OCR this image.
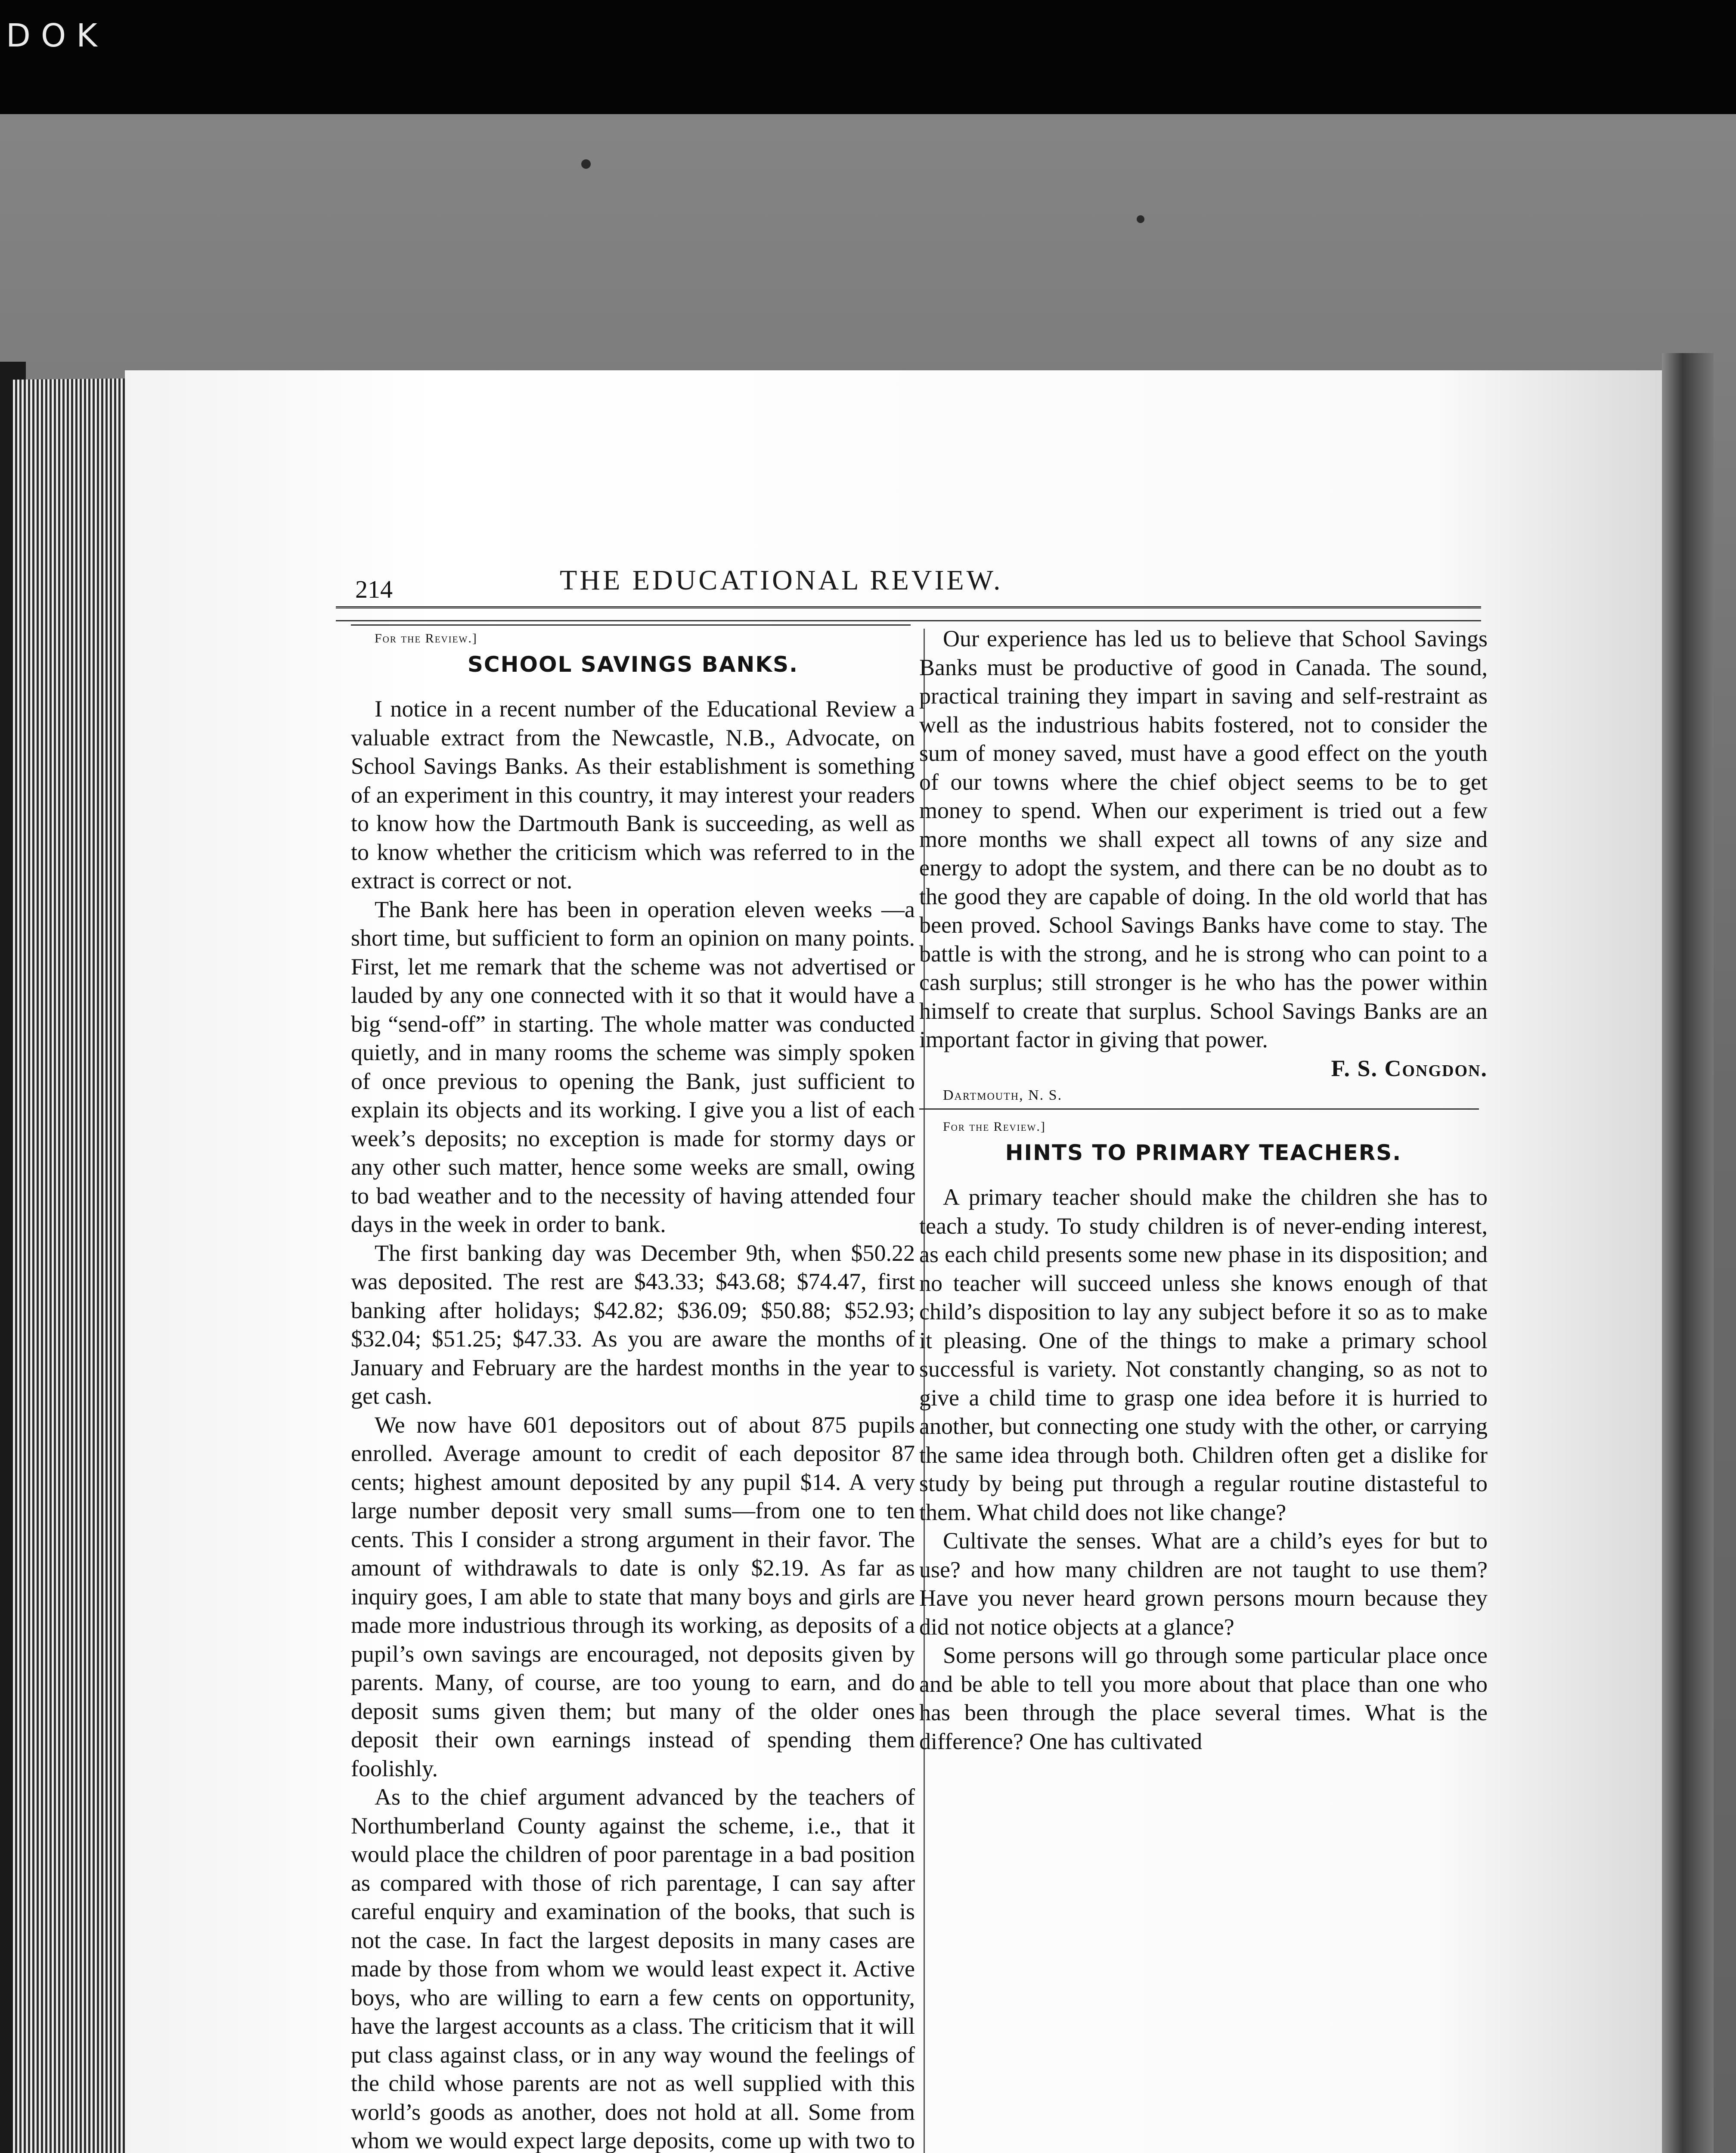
DOK
214	THE EDUCATIONAL REVIEW.

For the Review.]

SCHOOL SAVINGS BANKS.

I notice in a recent number of the Educational Review a valuable extract from the Newcastle, N.B., Advocate, on School Savings Banks. As their establishment is something of an experiment in this country, it may interest your readers to know how the Dartmouth Bank is succeeding, as well as to know whether the criticism which was referred to in the extract is correct or not.

The Bank here has been in operation eleven weeks —a short time, but sufficient to form an opinion on many points. First, let me remark that the scheme was not advertised or lauded by any one connected with it so that it would have a big “send-off” in starting. The whole matter was conducted quietly, and in many rooms the scheme was simply spoken of once previous to opening the Bank, just sufficient to explain its objects and its working. I give you a list of each week’s deposits; no exception is made for stormy days or any other such matter, hence some weeks are small, owing to bad weather and to the necessity of having attended four days in the week in order to bank.

The first banking day was December 9th, when $50.22 was deposited. The rest are $43.33; $43.68; $74.47, first banking after holidays; $42.82; $36.09; $50.88; $52.93; $32.04; $51.25; $47.33. As you are aware the months of January and February are the hardest months in the year to get cash.

We now have 601 depositors out of about 875 pupils enrolled. Average amount to credit of each depositor 87 cents; highest amount deposited by any pupil $14. A very large number deposit very small sums—from one to ten cents. This I consider a strong argument in their favor. The amount of withdrawals to date is only $2.19. As far as inquiry goes, I am able to state that many boys and girls are made more industrious through its working, as deposits of a pupil’s own savings are encouraged, not deposits given by parents. Many, of course, are too young to earn, and do deposit sums given them; but many of the older ones deposit their own earnings instead of spending them foolishly.

As to the chief argument advanced by the teachers of Northumberland County against the scheme, i.e., that it would place the children of poor parentage in a bad position as compared with those of rich parentage, I can say after careful enquiry and examination of the books, that such is not the case. In fact the largest deposits in many cases are made by those from whom we would least expect it. Active boys, who are willing to earn a few cents on opportunity, have the largest accounts as a class. The criticism that it will put class against class, or in any way wound the feelings of the child whose parents are not as well supplied with this world’s goods as another, does not hold at all. Some from whom we would expect large deposits, come up with two to

Our experience has led us to believe that School Savings Banks must be productive of good in Canada. The sound, practical training they impart in saving and self-restraint as well as the industrious habits fostered, not to consider the sum of money saved, must have a good effect on the youth of our towns where the chief object seems to be to get money to spend. When our experiment is tried out a few more months we shall expect all towns of any size and energy to adopt the system, and there can be no doubt as to the good they are capable of doing. In the old world that has been proved. School Savings Banks have come to stay. The battle is with the strong, and he is strong who can point to a cash surplus; still stronger is he who has the power within himself to create that surplus. School Savings Banks are an important factor in giving that power.

F. S. Congdon.

Dartmouth, N. S.

For the Review.]

HINTS TO PRIMARY TEACHERS.

A primary teacher should make the children she has to teach a study. To study children is of never-ending interest, as each child presents some new phase in its disposition; and no teacher will succeed unless she knows enough of that child’s disposition to lay any subject before it so as to make it pleasing. One of the things to make a primary school successful is variety. Not constantly changing, so as not to give a child time to grasp one idea before it is hurried to another, but connecting one study with the other, or carrying the same idea through both. Children often get a dislike for study by being put through a regular routine distasteful to them. What child does not like change?

Cultivate the senses. What are a child’s eyes for but to use? and how many children are not taught to use them? Have you never heard grown persons mourn because they did not notice objects at a glance?

Some persons will go through some particular place once and be able to tell you more about that place than one who has been through the place several times. What is the difference? One has cultivated
